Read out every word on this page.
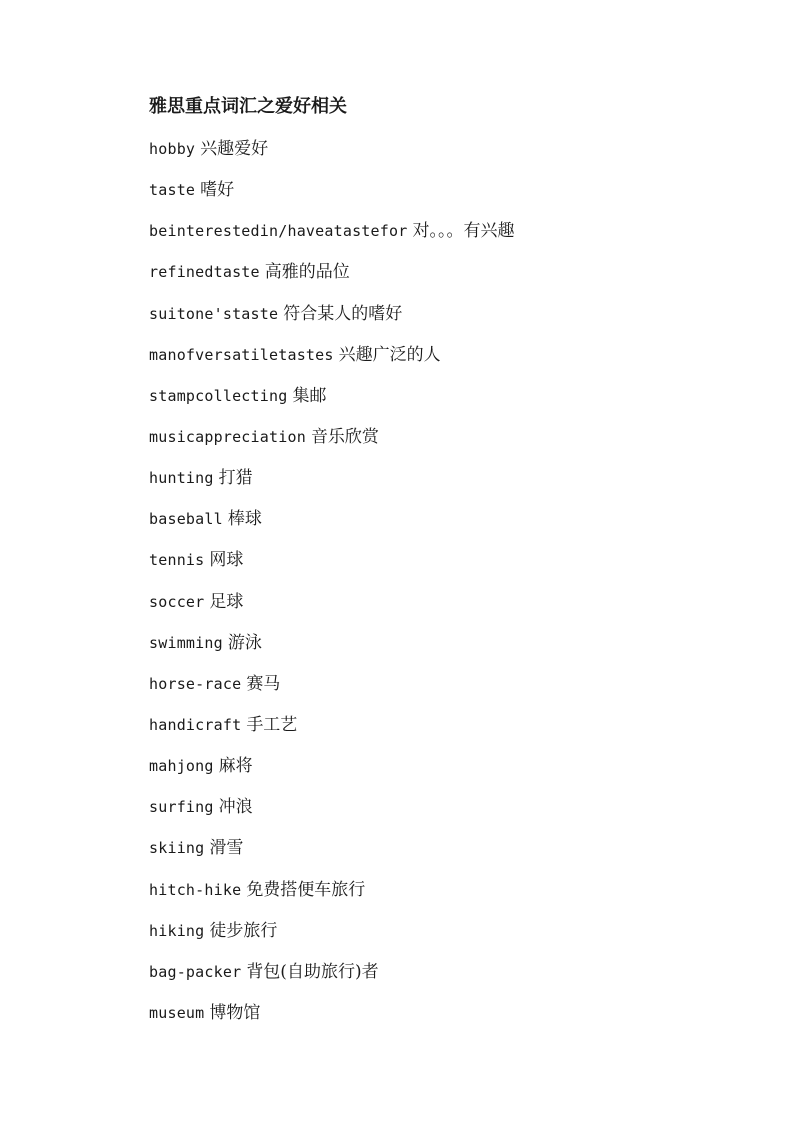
雅思重点词汇之爱好相关
hobby 兴趣爱好
taste 嗜好
beinterestedin/haveatastefor 对。。。有兴趣
refinedtaste 高雅的品位
suitone'staste 符合某人的嗜好
manofversatiletastes 兴趣广泛的人
stampcollecting 集邮
musicappreciation 音乐欣赏
hunting 打猎
baseball 棒球
tennis 网球
soccer 足球
swimming 游泳
horse-race 赛马
handicraft 手工艺
mahjong 麻将
surfing 冲浪
skiing 滑雪
hitch-hike 免费搭便车旅行
hiking 徒步旅行
bag-packer 背包(自助旅行)者
museum 博物馆
